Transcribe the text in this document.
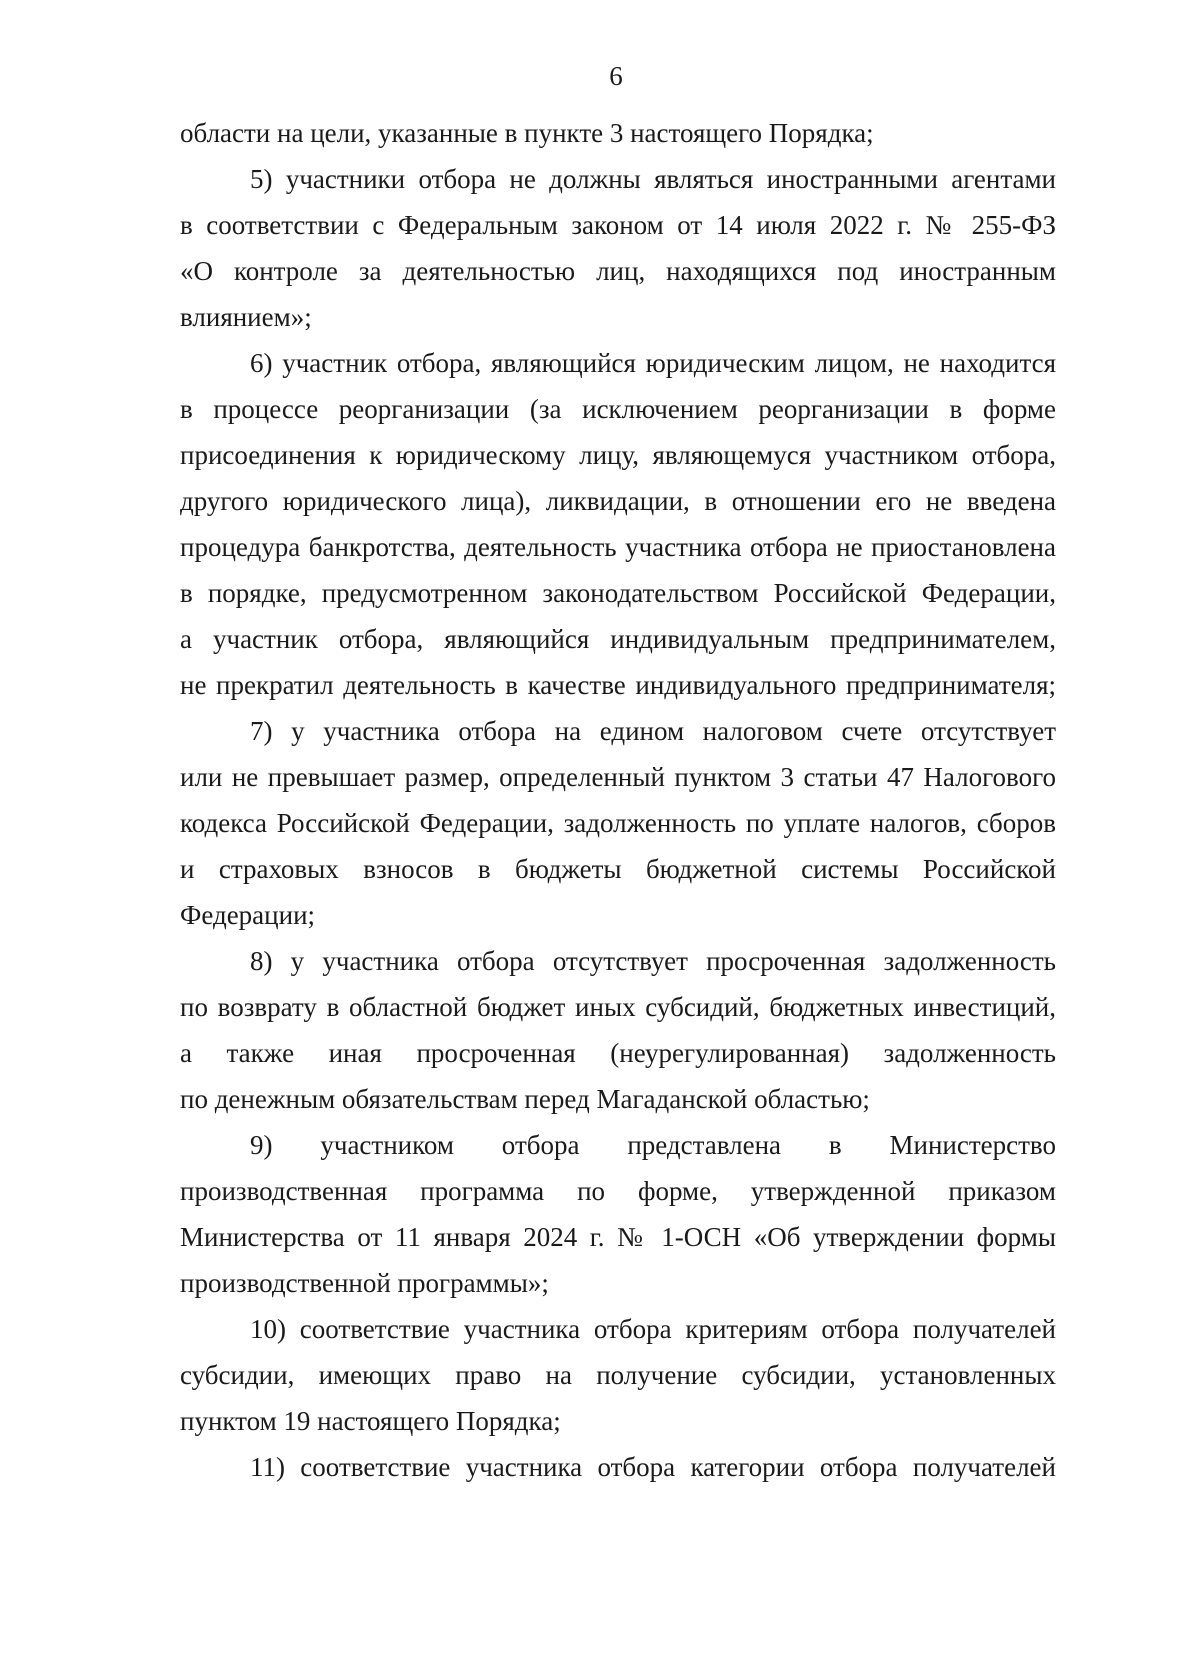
6
области на цели, указанные в пункте 3 настоящего Порядка;
5) участники отбора не должны являться иностранными агентами
в соответствии с Федеральным законом от 14 июля 2022 г. № 255-ФЗ
«О контроле за деятельностью лиц, находящихся под иностранным
влиянием»;
6) участник отбора, являющийся юридическим лицом, не находится
в процессе реорганизации (за исключением реорганизации в форме
присоединения к юридическому лицу, являющемуся участником отбора,
другого юридического лица), ликвидации, в отношении его не введена
процедура банкротства, деятельность участника отбора не приостановлена
в порядке, предусмотренном законодательством Российской Федерации,
а участник отбора, являющийся индивидуальным предпринимателем,
не прекратил деятельность в качестве индивидуального предпринимателя;
7) у участника отбора на едином налоговом счете отсутствует
или не превышает размер, определенный пунктом 3 статьи 47 Налогового
кодекса Российской Федерации, задолженность по уплате налогов, сборов
и страховых взносов в бюджеты бюджетной системы Российской
Федерации;
8) у участника отбора отсутствует просроченная задолженность
по возврату в областной бюджет иных субсидий, бюджетных инвестиций,
а также иная просроченная (неурегулированная) задолженность
по денежным обязательствам перед Магаданской областью;
9) участником отбора представлена в Министерство
производственная программа по форме, утвержденной приказом
Министерства от 11 января 2024 г. № 1-ОСН «Об утверждении формы
производственной программы»;
10) соответствие участника отбора критериям отбора получателей
субсидии, имеющих право на получение субсидии, установленных
пунктом 19 настоящего Порядка;
11) соответствие участника отбора категории отбора получателей
